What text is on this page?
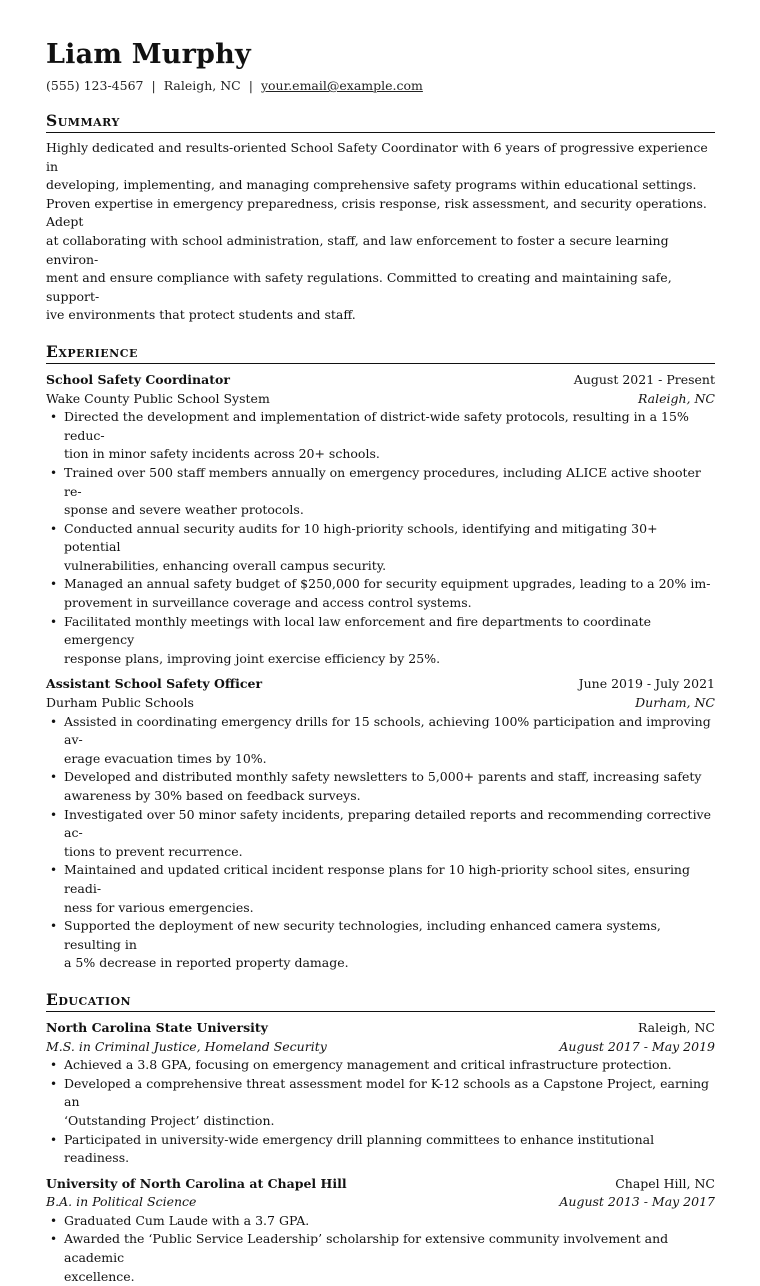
Liam Murphy
(555) 123-4567 | Raleigh, NC | your.email@example.com
Summary
Highly dedicated and results-oriented School Safety Coordinator with 6 years of progressive experience in
developing, implementing, and managing comprehensive safety programs within educational settings.
Proven expertise in emergency preparedness, crisis response, risk assessment, and security operations. Adept
at collaborating with school administration, staff, and law enforcement to foster a secure learning environ-
ment and ensure compliance with safety regulations. Committed to creating and maintaining safe, support-
ive environments that protect students and staff.
Experience
School Safety Coordinator	August 2021 - Present
Wake County Public School System	Raleigh, NC
• Directed the development and implementation of district-wide safety protocols, resulting in a 15% reduc-
tion in minor safety incidents across 20+ schools.
• Trained over 500 staff members annually on emergency procedures, including ALICE active shooter re-
sponse and severe weather protocols.
• Conducted annual security audits for 10 high-priority schools, identifying and mitigating 30+ potential
vulnerabilities, enhancing overall campus security.
• Managed an annual safety budget of $250,000 for security equipment upgrades, leading to a 20% im-
provement in surveillance coverage and access control systems.
• Facilitated monthly meetings with local law enforcement and fire departments to coordinate emergency
response plans, improving joint exercise efficiency by 25%.
Assistant School Safety Officer	June 2019 - July 2021
Durham Public Schools	Durham, NC
• Assisted in coordinating emergency drills for 15 schools, achieving 100% participation and improving av-
erage evacuation times by 10%.
• Developed and distributed monthly safety newsletters to 5,000+ parents and staff, increasing safety
awareness by 30% based on feedback surveys.
• Investigated over 50 minor safety incidents, preparing detailed reports and recommending corrective ac-
tions to prevent recurrence.
• Maintained and updated critical incident response plans for 10 high-priority school sites, ensuring readi-
ness for various emergencies.
• Supported the deployment of new security technologies, including enhanced camera systems, resulting in
a 5% decrease in reported property damage.
Education
North Carolina State University	Raleigh, NC
M.S. in Criminal Justice, Homeland Security	August 2017 - May 2019
• Achieved a 3.8 GPA, focusing on emergency management and critical infrastructure protection.
• Developed a comprehensive threat assessment model for K-12 schools as a Capstone Project, earning an
‘Outstanding Project’ distinction.
• Participated in university-wide emergency drill planning committees to enhance institutional readiness.
University of North Carolina at Chapel Hill	Chapel Hill, NC
B.A. in Political Science	August 2013 - May 2017
• Graduated Cum Laude with a 3.7 GPA.
• Awarded the ‘Public Service Leadership’ scholarship for extensive community involvement and academic
excellence.
